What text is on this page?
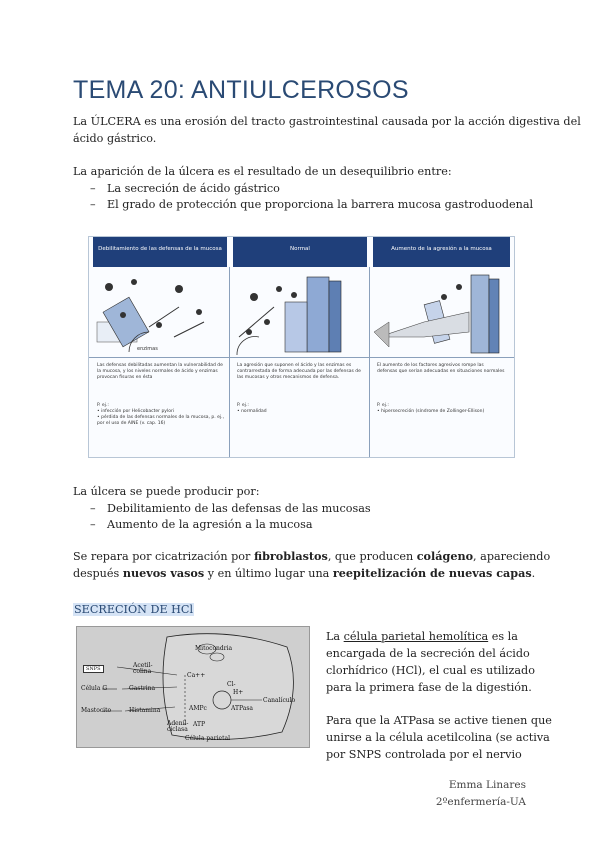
TEMA 20: ANTIULCEROSOS
La ÚLCERA es una erosión del tracto gastrointestinal causada por la acción digestiva del
ácido gástrico.
La aparición de la úlcera es el resultado de un desequilibrio entre:
– La secreción de ácido gástrico
– El grado de protección que proporciona la barrera mucosa gastroduodenal
Debilitamiento de las defensas de la mucosa	Normal	Aumento de la agresión a la mucosa
enzimas
Las defensas debilitadas aumentan la vulnerabilidad de la mucosa, y los niveles normales de ácido y enzimas provocan fisuras en ésta
La agresión que suponen el ácido y las enzimas es contrarrestada de forma adecuada por las defensas de las mucosas y otros mecanismos de defensa.
El aumento de los factores agresivos rompe las defensas que serían adecuadas en situaciones normales
P. ej.:
• infección por Helicobacter pylori
• pérdida de las defensas normales de la mucosa, p. ej., por el uso de AINE (v. cap. 16)
P. ej.:
• normalidad
P. ej.:
• hipersecreción (síndrome de Zollinger-Ellison)
La úlcera se puede producir por:
– Debilitamiento de las defensas de las mucosas
– Aumento de la agresión a la mucosa
Se repara por cicatrización por fibroblastos, que producen colágeno, apareciendo
después nuevos vasos y en último lugar una reepitelización de nuevas capas.
SECRECIÓN DE HCl
Mitocondria
SNPS	Acetil-colina
Célula G	Gastrina
Mastocito	Histamina
Ca++
H+
ATPasa
AMPc
Adenil-ciclasa
ATP
Cl-
Canalículo
Célula parietal
La célula parietal hemolítica es la
encargada de la secreción del ácido
clorhídrico (HCl), el cual es utilizado
para la primera fase de la digestión.
Para que la ATPasa se active tienen que
unirse a la célula acetilcolina (se activa
por SNPS controlada por el nervio
Emma Linares
2ºenfermería-UA
